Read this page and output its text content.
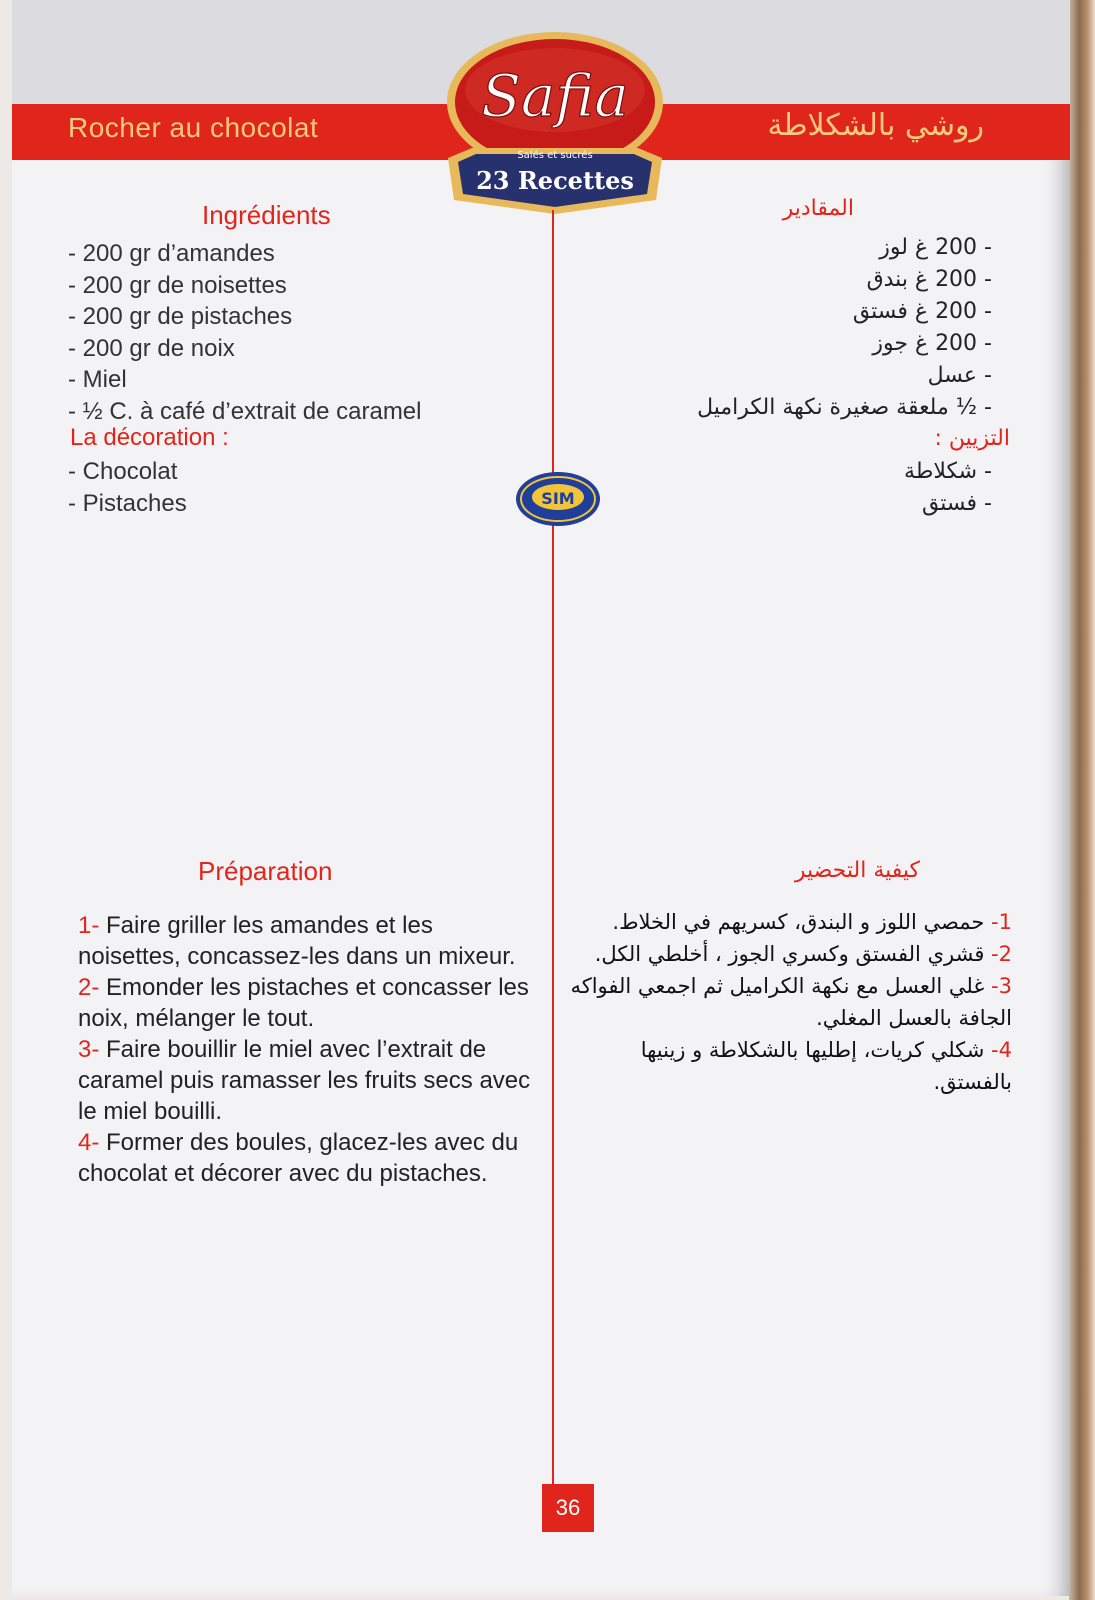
Rocher au chocolat	روشي بالشكلاطة
Safia
Salés et sucrés
23 Recettes
SIM
Ingrédients
- 200 gr d’amandes
- 200 gr de noisettes
- 200 gr de pistaches
- 200 gr de noix
- Miel
- ½ C. à café d’extrait de caramel
La décoration :
- Chocolat
- Pistaches
Préparation
1- Faire griller les amandes et les noisettes, concassez-les dans un mixeur.
2- Emonder les pistaches et concasser les noix, mélanger le tout.
3- Faire bouillir le miel avec l’extrait de caramel puis ramasser les fruits secs avec le miel bouilli.
4- Former des boules, glacez-les avec du chocolat et décorer avec du pistaches.
المقادير
- 200 غ لوز
- 200 غ بندق
- 200 غ فستق
- 200 غ جوز
- عسل
- ½ ملعقة صغيرة نكهة الكراميل
التزيين :
- شكلاطة
- فستق
كيفية التحضير
1- حمصي اللوز و البندق، كسريهم في الخلاط.
2- قشري الفستق وكسري الجوز ، أخلطي الكل.
3- غلي العسل مع نكهة الكراميل ثم اجمعي الفواكه الجافة بالعسل المغلي.
4- شكلي كريات، إطليها بالشكلاطة و زينيها بالفستق.
36
